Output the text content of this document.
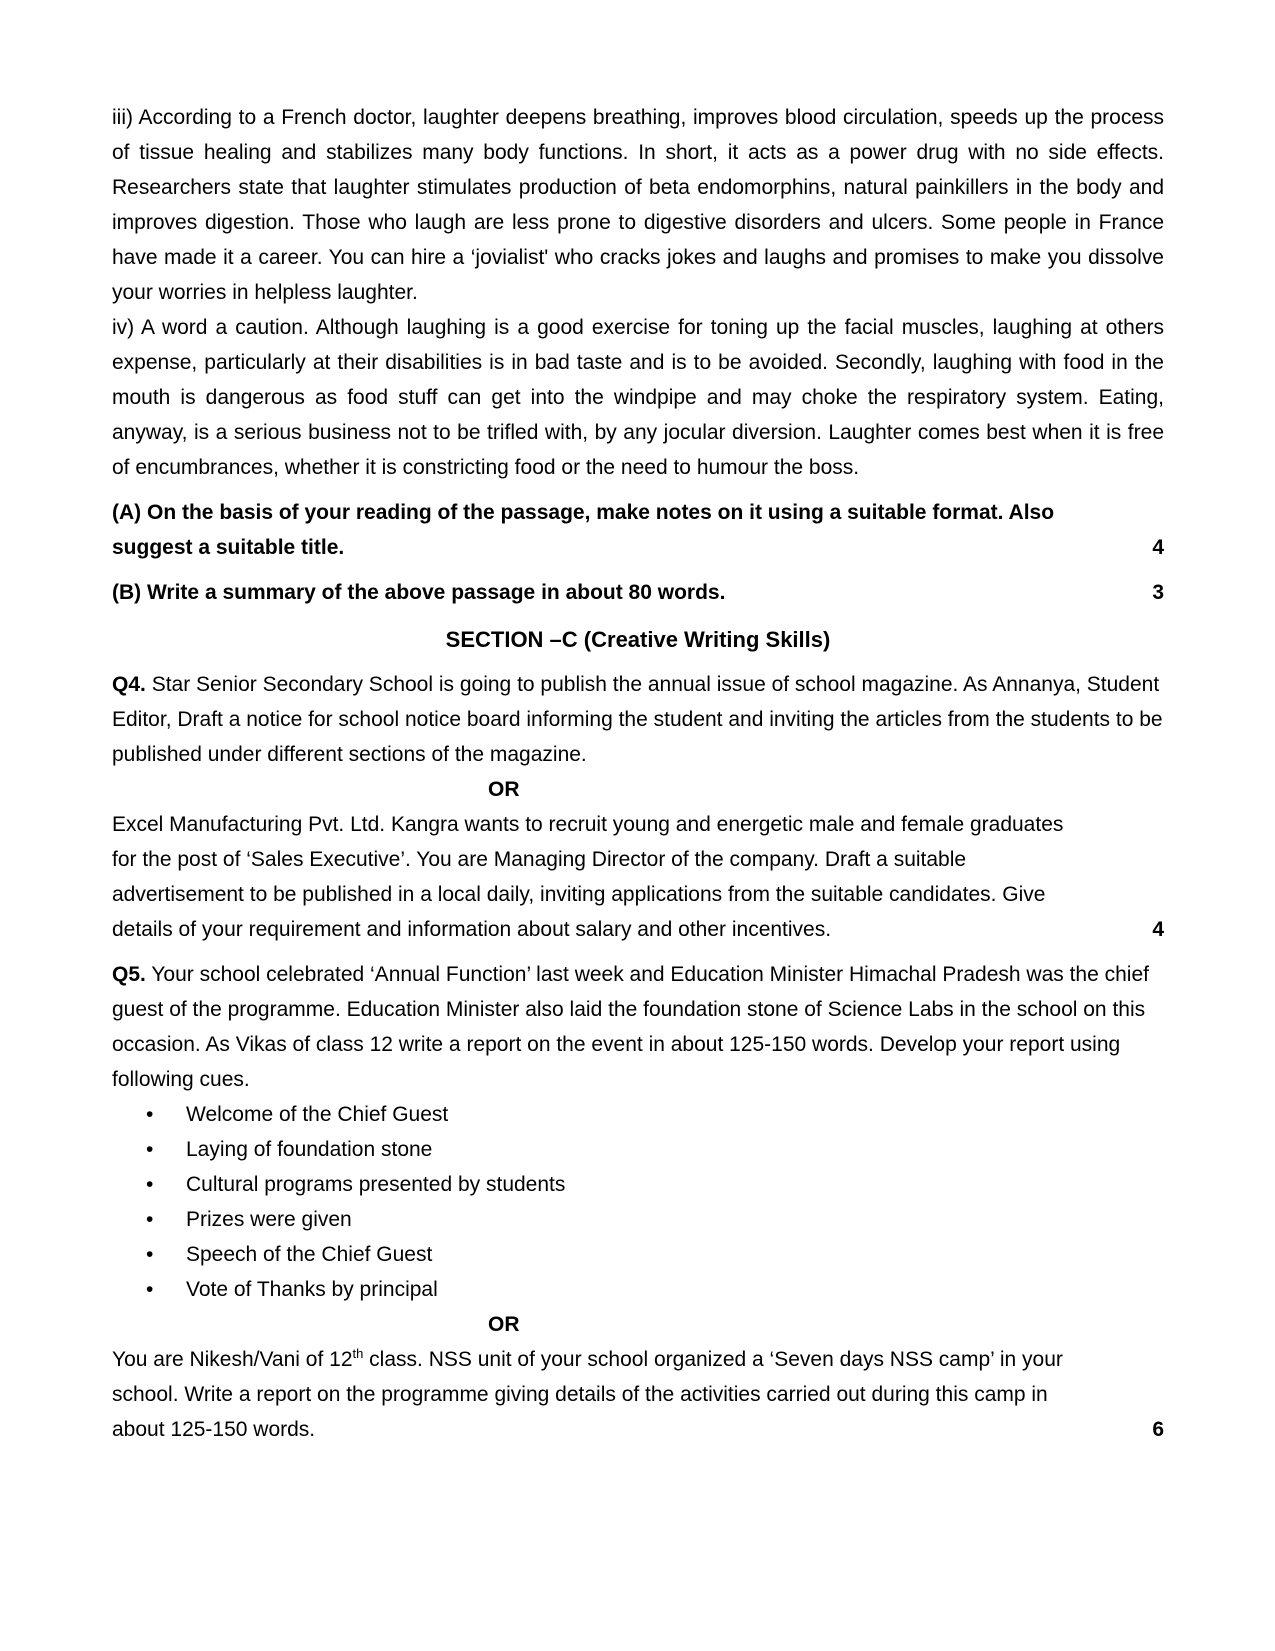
iii) According to a French doctor, laughter deepens breathing, improves blood circulation, speeds up the process of tissue healing and stabilizes many body functions. In short, it acts as a power drug with no side effects. Researchers state that laughter stimulates production of beta endomorphins, natural painkillers in the body and improves digestion. Those who laugh are less prone to digestive disorders and ulcers. Some people in France have made it a career. You can hire a ‘jovialist' who cracks jokes and laughs and promises to make you dissolve your worries in helpless laughter.

iv) A word a caution. Although laughing is a good exercise for toning up the facial muscles, laughing at others expense, particularly at their disabilities is in bad taste and is to be avoided. Secondly, laughing with food in the mouth is dangerous as food stuff can get into the windpipe and may choke the respiratory system. Eating, anyway, is a serious business not to be trifled with, by any jocular diversion. Laughter comes best when it is free of encumbrances, whether it is constricting food or the need to humour the boss.

(A) On the basis of your reading of the passage, make notes on it using a suitable format. Also
suggest a suitable title.	4

(B) Write a summary of the above passage in about 80 words.	3

SECTION –C (Creative Writing Skills)

Q4. Star Senior Secondary School is going to publish the annual issue of school magazine. As Annanya, Student Editor, Draft a notice for school notice board informing the student and inviting the articles from the students to be published under different sections of the magazine.

OR

Excel Manufacturing Pvt. Ltd. Kangra wants to recruit young and energetic male and female graduates
for the post of ‘Sales Executive’. You are Managing Director of the company. Draft a suitable
advertisement to be published in a local daily, inviting applications from the suitable candidates. Give
details of your requirement and information about salary and other incentives.	4

Q5. Your school celebrated ‘Annual Function’ last week and Education Minister Himachal Pradesh was the chief guest of the programme. Education Minister also laid the foundation stone of Science Labs in the school on this occasion. As Vikas of class 12 write a report on the event in about 125-150 words. Develop your report using following cues.

• Welcome of the Chief Guest
• Laying of foundation stone
• Cultural programs presented by students
• Prizes were given
• Speech of the Chief Guest
• Vote of Thanks by principal

OR

You are Nikesh/Vani of 12th class. NSS unit of your school organized a ‘Seven days NSS camp’ in your
school. Write a report on the programme giving details of the activities carried out during this camp in
about 125-150 words.	6
